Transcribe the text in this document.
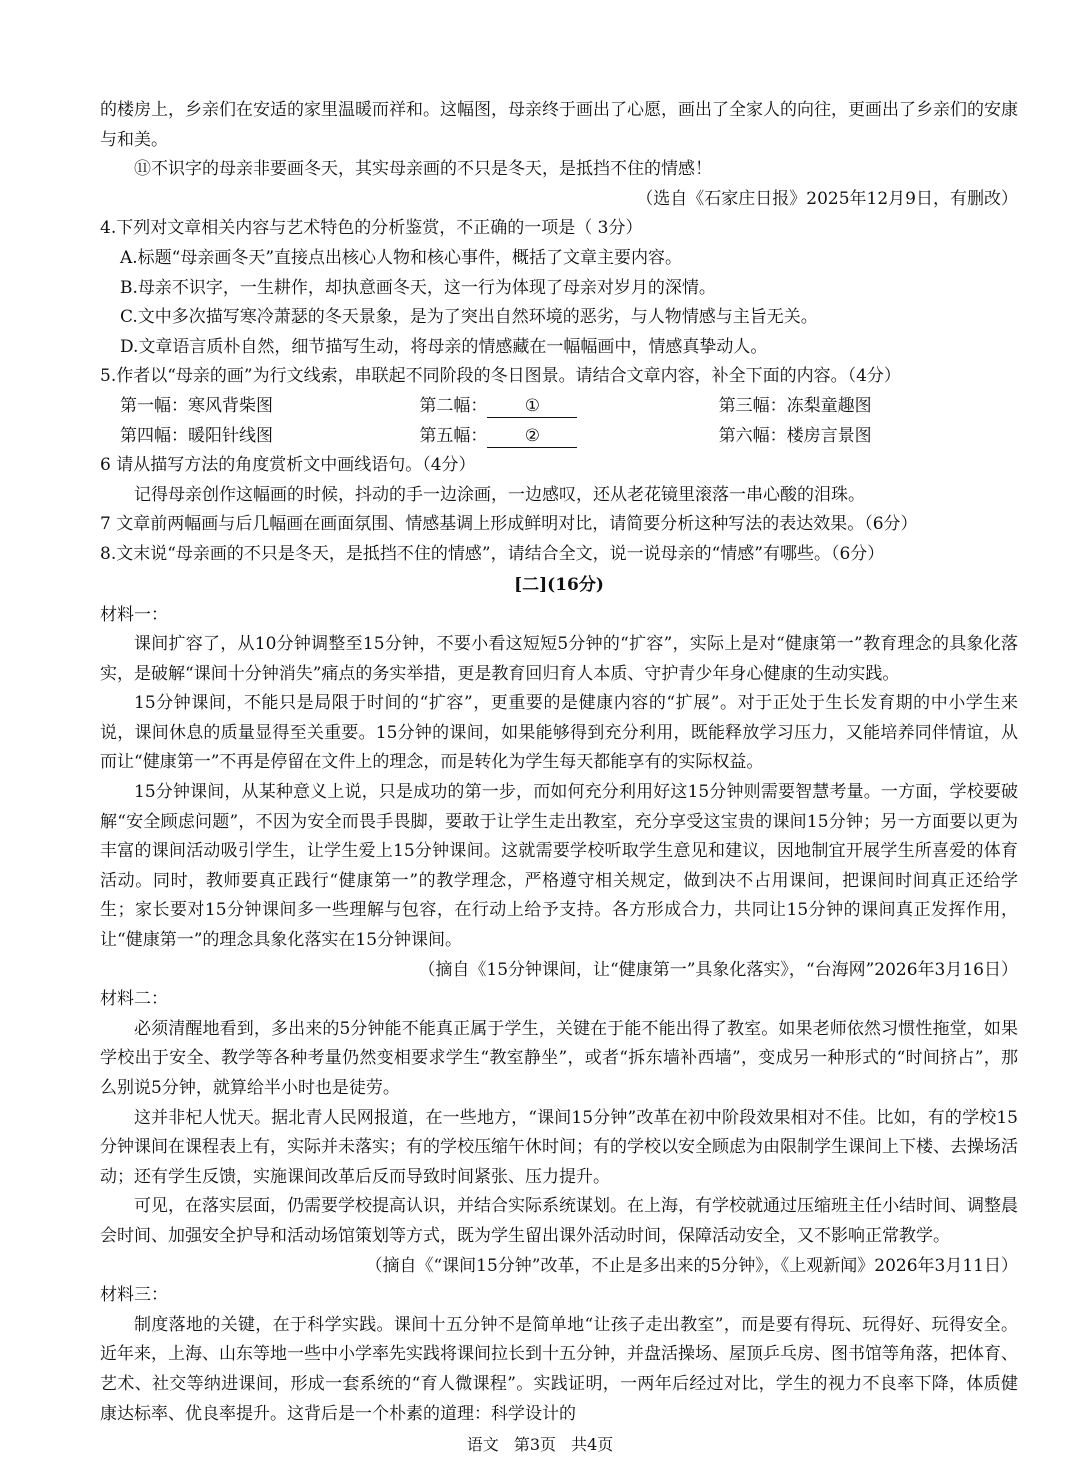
的楼房上，乡亲们在安适的家里温暖而祥和。这幅图，母亲终于画出了心愿，画出了全家人的向往，更画出了乡亲们的安康与和美。

⑪不识字的母亲非要画冬天，其实母亲画的不只是冬天，是抵挡不住的情感！

（选自《石家庄日报》2025年12月9日，有删改）

4.下列对文章相关内容与艺术特色的分析鉴赏，不正确的一项是（ 3分）

A.标题“母亲画冬天”直接点出核心人物和核心事件，概括了文章主要内容。

B.母亲不识字，一生耕作，却执意画冬天，这一行为体现了母亲对岁月的深情。

C.文中多次描写寒冷萧瑟的冬天景象，是为了突出自然环境的恶劣，与人物情感与主旨无关。

D.文章语言质朴自然，细节描写生动，将母亲的情感藏在一幅幅画中，情感真挚动人。

5.作者以“母亲的画”为行文线索，串联起不同阶段的冬日图景。请结合文章内容，补全下面的内容。（4分）

第一幅：寒风背柴图	第二幅： ①	第三幅：冻梨童趣图
第四幅：暖阳针线图	第五幅： ②	第六幅：楼房言景图

6 请从描写方法的角度赏析文中画线语句。（4分）

记得母亲创作这幅画的时候，抖动的手一边涂画，一边感叹，还从老花镜里滚落一串心酸的泪珠。

7 文章前两幅画与后几幅画在画面氛围、情感基调上形成鲜明对比，请简要分析这种写法的表达效果。（6分）

8.文末说“母亲画的不只是冬天，是抵挡不住的情感”，请结合全文，说一说母亲的“情感”有哪些。（6分）

[二](16分)

材料一：

课间扩容了，从10分钟调整至15分钟，不要小看这短短5分钟的“扩容”，实际上是对“健康第一”教育理念的具象化落实，是破解“课间十分钟消失”痛点的务实举措，更是教育回归育人本质、守护青少年身心健康的生动实践。

15分钟课间，不能只是局限于时间的“扩容”，更重要的是健康内容的“扩展”。对于正处于生长发育期的中小学生来说，课间休息的质量显得至关重要。15分钟的课间，如果能够得到充分利用，既能释放学习压力，又能培养同伴情谊，从而让“健康第一”不再是停留在文件上的理念，而是转化为学生每天都能享有的实际权益。

15分钟课间，从某种意义上说，只是成功的第一步，而如何充分利用好这15分钟则需要智慧考量。一方面，学校要破解“安全顾虑问题”，不因为安全而畏手畏脚，要敢于让学生走出教室，充分享受这宝贵的课间15分钟；另一方面要以更为丰富的课间活动吸引学生，让学生爱上15分钟课间。这就需要学校听取学生意见和建议，因地制宜开展学生所喜爱的体育活动。同时，教师要真正践行“健康第一”的教学理念，严格遵守相关规定，做到决不占用课间，把课间时间真正还给学生；家长要对15分钟课间多一些理解与包容，在行动上给予支持。各方形成合力，共同让15分钟的课间真正发挥作用，让“健康第一”的理念具象化落实在15分钟课间。

（摘自《15分钟课间，让“健康第一”具象化落实》，“台海网”2026年3月16日）

材料二：

必须清醒地看到，多出来的5分钟能不能真正属于学生，关键在于能不能出得了教室。如果老师依然习惯性拖堂，如果学校出于安全、教学等各种考量仍然变相要求学生“教室静坐”，或者“拆东墙补西墙”，变成另一种形式的“时间挤占”，那么别说5分钟，就算给半小时也是徒劳。

这并非杞人忧天。据北青人民网报道，在一些地方，“课间15分钟”改革在初中阶段效果相对不佳。比如，有的学校15分钟课间在课程表上有，实际并未落实；有的学校压缩午休时间；有的学校以安全顾虑为由限制学生课间上下楼、去操场活动；还有学生反馈，实施课间改革后反而导致时间紧张、压力提升。

可见，在落实层面，仍需要学校提高认识，并结合实际系统谋划。在上海，有学校就通过压缩班主任小结时间、调整晨会时间、加强安全护导和活动场馆策划等方式，既为学生留出课外活动时间，保障活动安全，又不影响正常教学。

（摘自《“课间15分钟”改革，不止是多出来的5分钟》，《上观新闻》2026年3月11日）

材料三：

制度落地的关键，在于科学实践。课间十五分钟不是简单地“让孩子走出教室”，而是要有得玩、玩得好、玩得安全。近年来，上海、山东等地一些中小学率先实践将课间拉长到十五分钟，并盘活操场、屋顶乒乓房、图书馆等角落，把体育、艺术、社交等纳进课间，形成一套系统的“育人微课程”。实践证明，一两年后经过对比，学生的视力不良率下降，体质健康达标率、优良率提升。这背后是一个朴素的道理：科学设计的

语文 第3页 共4页
